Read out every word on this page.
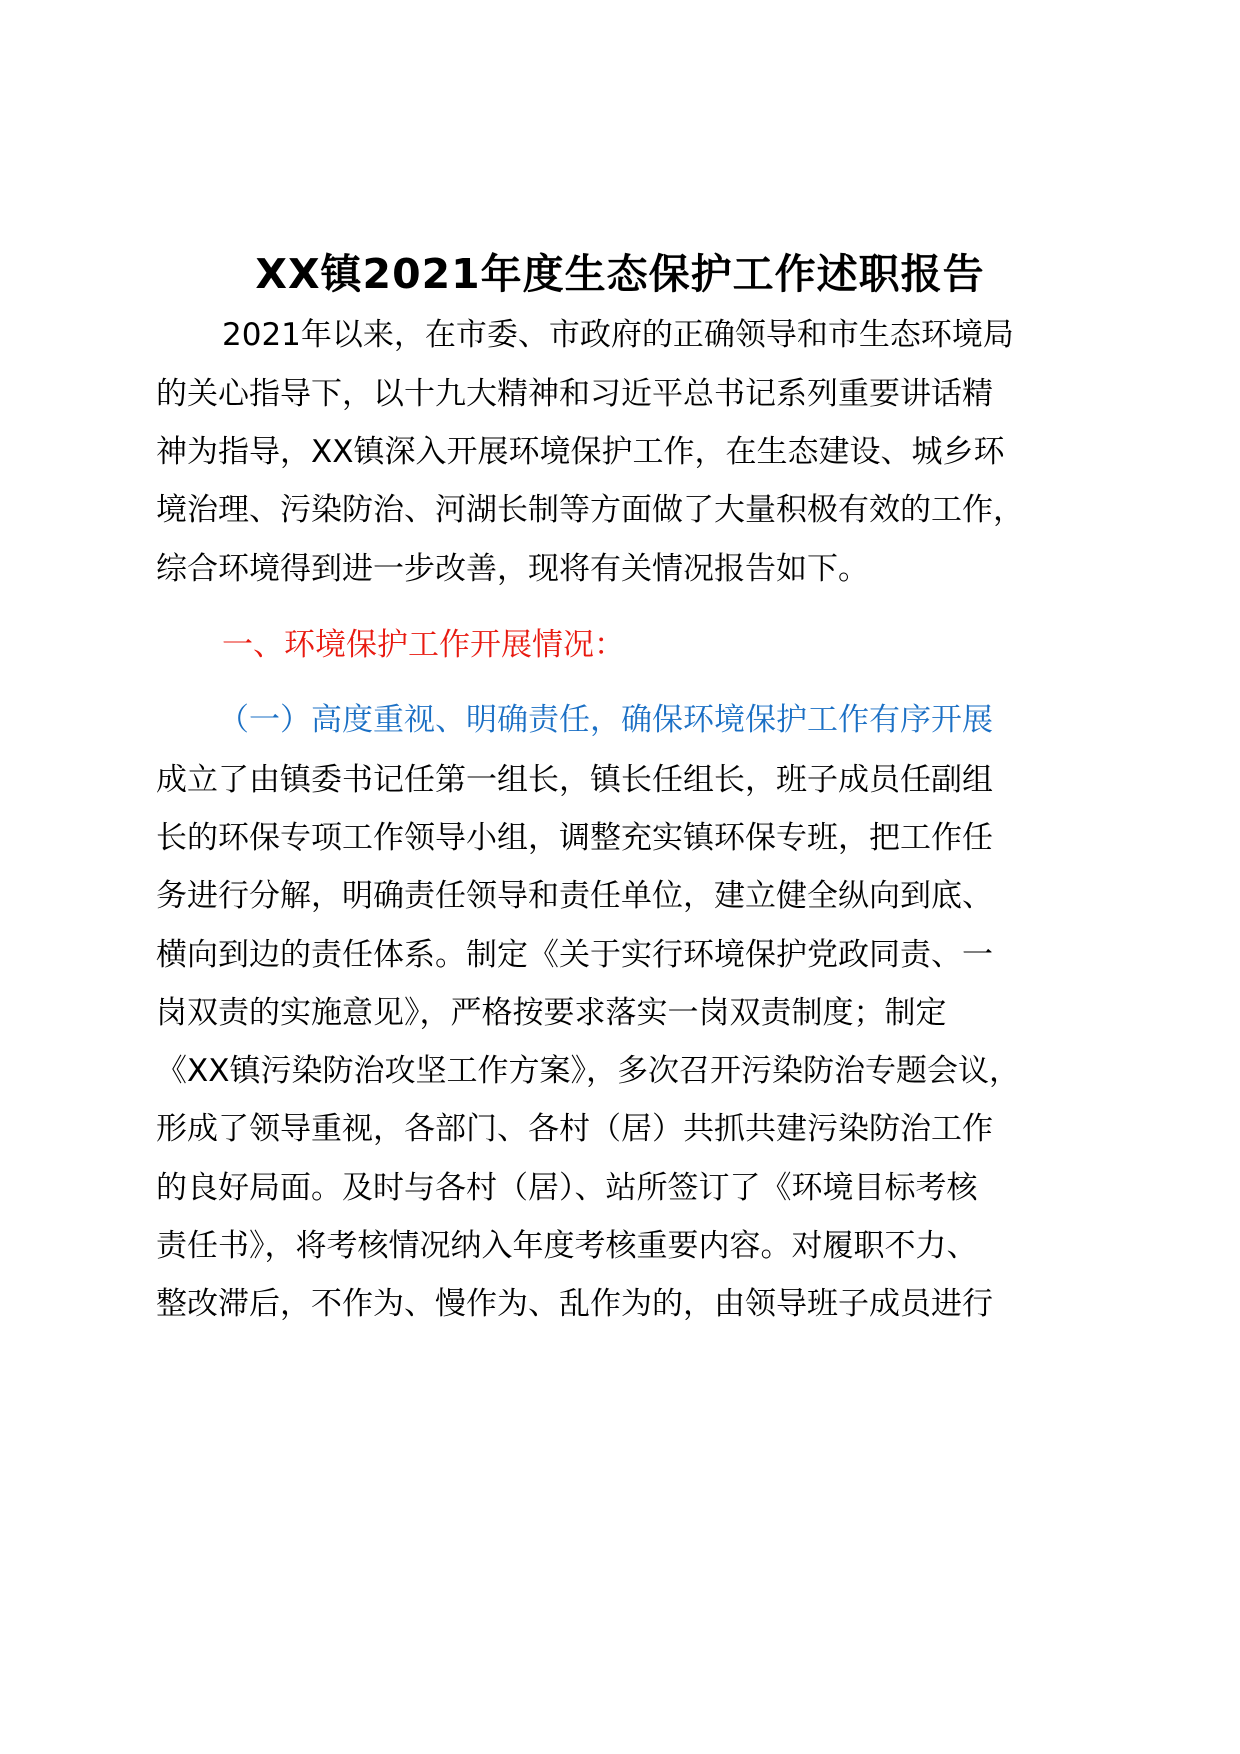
XX镇2021年度生态保护工作述职报告
2021年以来，在市委、市政府的正确领导和市生态环境局
的关心指导下，以十九大精神和习近平总书记系列重要讲话精
神为指导，XX镇深入开展环境保护工作，在生态建设、城乡环
境治理、污染防治、河湖长制等方面做了大量积极有效的工作，
综合环境得到进一步改善，现将有关情况报告如下。
一、环境保护工作开展情况：
（一）高度重视、明确责任，确保环境保护工作有序开展
成立了由镇委书记任第一组长，镇长任组长，班子成员任副组
长的环保专项工作领导小组，调整充实镇环保专班，把工作任
务进行分解，明确责任领导和责任单位，建立健全纵向到底、
横向到边的责任体系。制定《关于实行环境保护党政同责、一
岗双责的实施意见》，严格按要求落实一岗双责制度；制定
《XX镇污染防治攻坚工作方案》，多次召开污染防治专题会议，
形成了领导重视，各部门、各村（居）共抓共建污染防治工作
的良好局面。及时与各村（居）、站所签订了《环境目标考核
责任书》，将考核情况纳入年度考核重要内容。对履职不力、
整改滞后，不作为、慢作为、乱作为的，由领导班子成员进行
